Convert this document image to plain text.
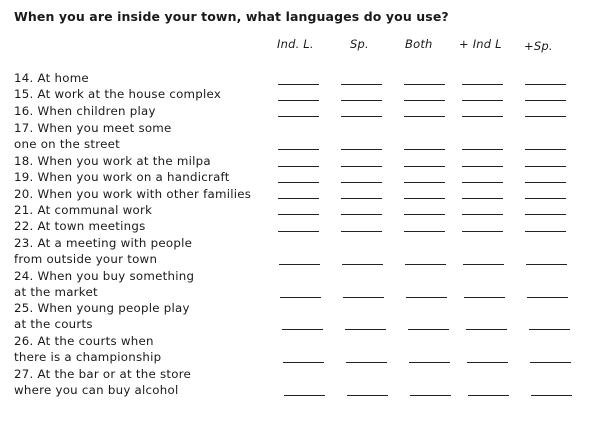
When you are inside your town, what languages do you use?
Ind. L.	Sp.	Both + Ind L +Sp.
14. At home
15. At work at the house complex
16. When children play
17. When you meet some
one on the street
18. When you work at the milpa
19. When you work on a handicraft
20. When you work with other families
21. At communal work
22. At town meetings
23. At a meeting with people
from outside your town
24. When you buy something
at the market
25. When young people play
at the courts
26. At the courts when
there is a championship
27. At the bar or at the store
where you can buy alcohol
